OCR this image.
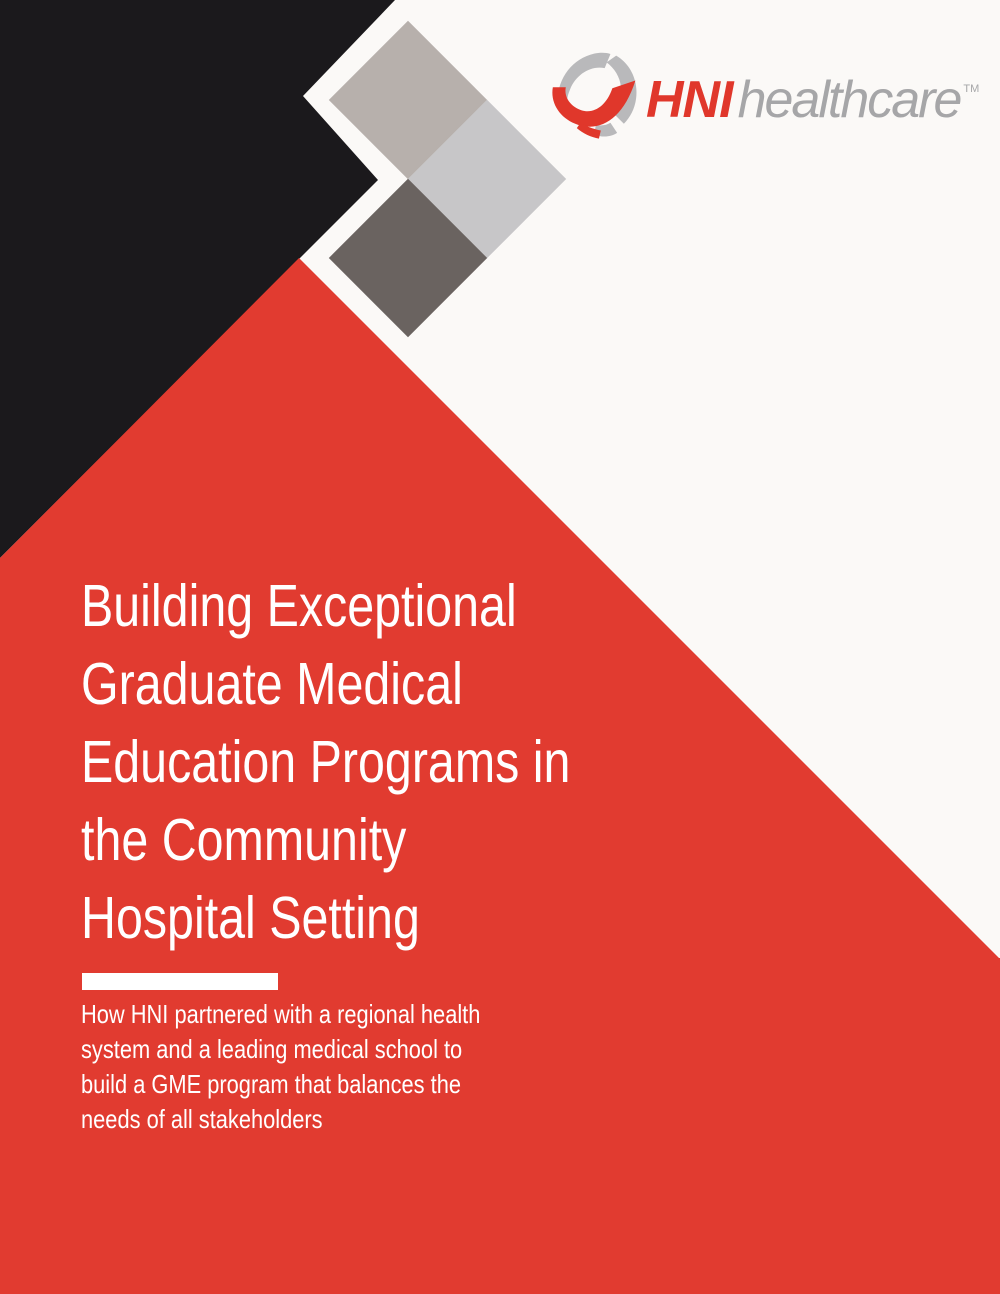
HNIhealthcare TM
Building Exceptional
Graduate Medical
Education Programs in
the Community
Hospital Setting
How HNI partnered with a regional health
system and a leading medical school to
build a GME program that balances the
needs of all stakeholders
